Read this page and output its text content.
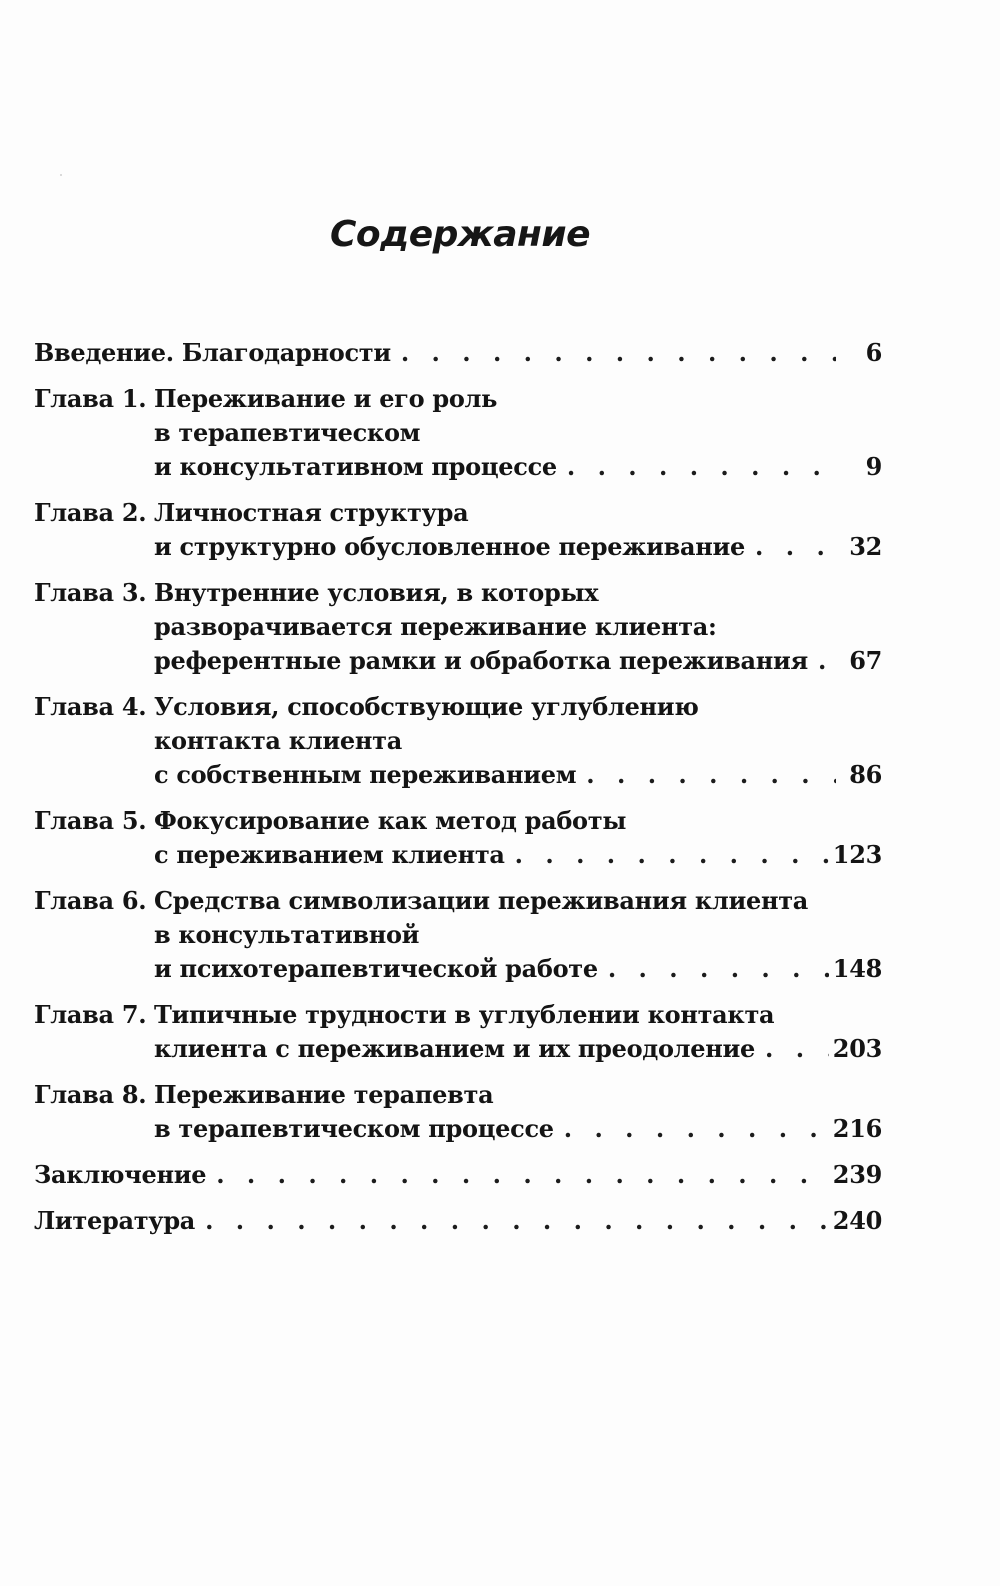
Содержание
Введение. Благодарности . . .	6
Глава 1. Переживание и его роль
в терапевтическом
и консультативном процессе . . .	9
Глава 2. Личностная структура
и структурно обусловленное переживание . . .	32
Глава 3. Внутренние условия, в которых
разворачивается переживание клиента:
референтные рамки и обработка переживания . . .	67
Глава 4. Условия, способствующие углублению
контакта клиента
с собственным переживанием . . .	86
Глава 5. Фокусирование как метод работы
с переживанием клиента . . .	123
Глава 6. Средства символизации переживания клиента
в консультативной
и психотерапевтической работе . . .	148
Глава 7. Типичные трудности в углублении контакта
клиента с переживанием и их преодоление . . .	203
Глава 8. Переживание терапевта
в терапевтическом процессе . . .	216
Заключение . . .	239
Литература . . .	240
